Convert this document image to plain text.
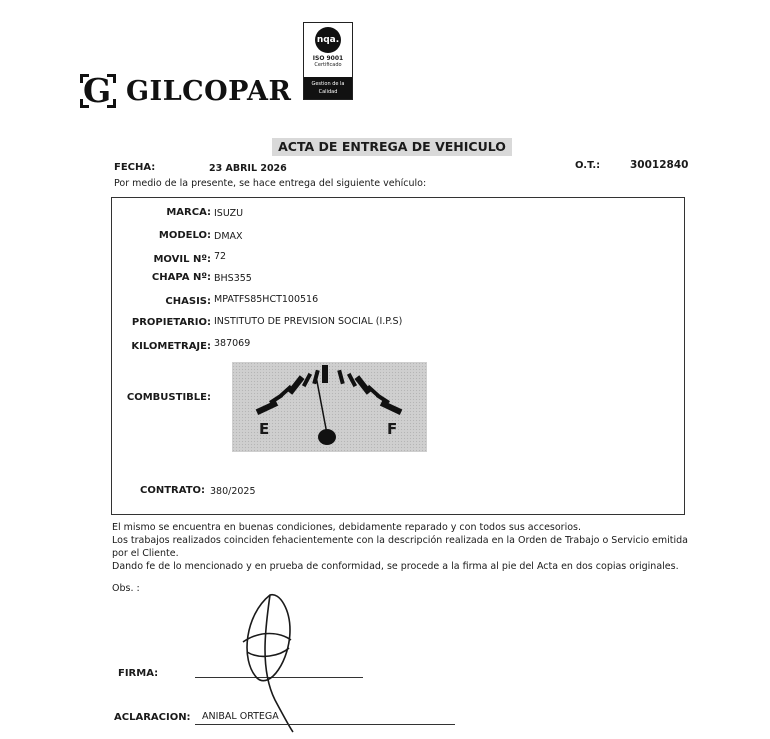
G GILCOPAR
nqa.
ISO 9001
Certificado
Gestion de la
Calidad
ACTA DE ENTREGA DE VEHICULO
FECHA:	23 ABRIL 2026	O.T.:	30012840
Por medio de la presente, se hace entrega del siguiente vehículo:
MARCA: ISUZU
MODELO: DMAX
MOVIL Nº: 72
CHAPA Nº: BHS355
CHASIS: MPATFS85HCT100516
PROPIETARIO: INSTITUTO DE PREVISION SOCIAL (I.P.S)
KILOMETRAJE: 387069
COMBUSTIBLE:
CONTRATO: 380/2025
E	F
El mismo se encuentra en buenas condiciones, debidamente reparado y con todos sus accesorios.
Los trabajos realizados coinciden fehacientemente con la descripción realizada en la Orden de Trabajo o Servicio emitida
por el Cliente.
Dando fe de lo mencionado y en prueba de conformidad, se procede a la firma al pie del Acta en dos copias originales.
Obs. :
FIRMA:
ACLARACION: ANIBAL ORTEGA
